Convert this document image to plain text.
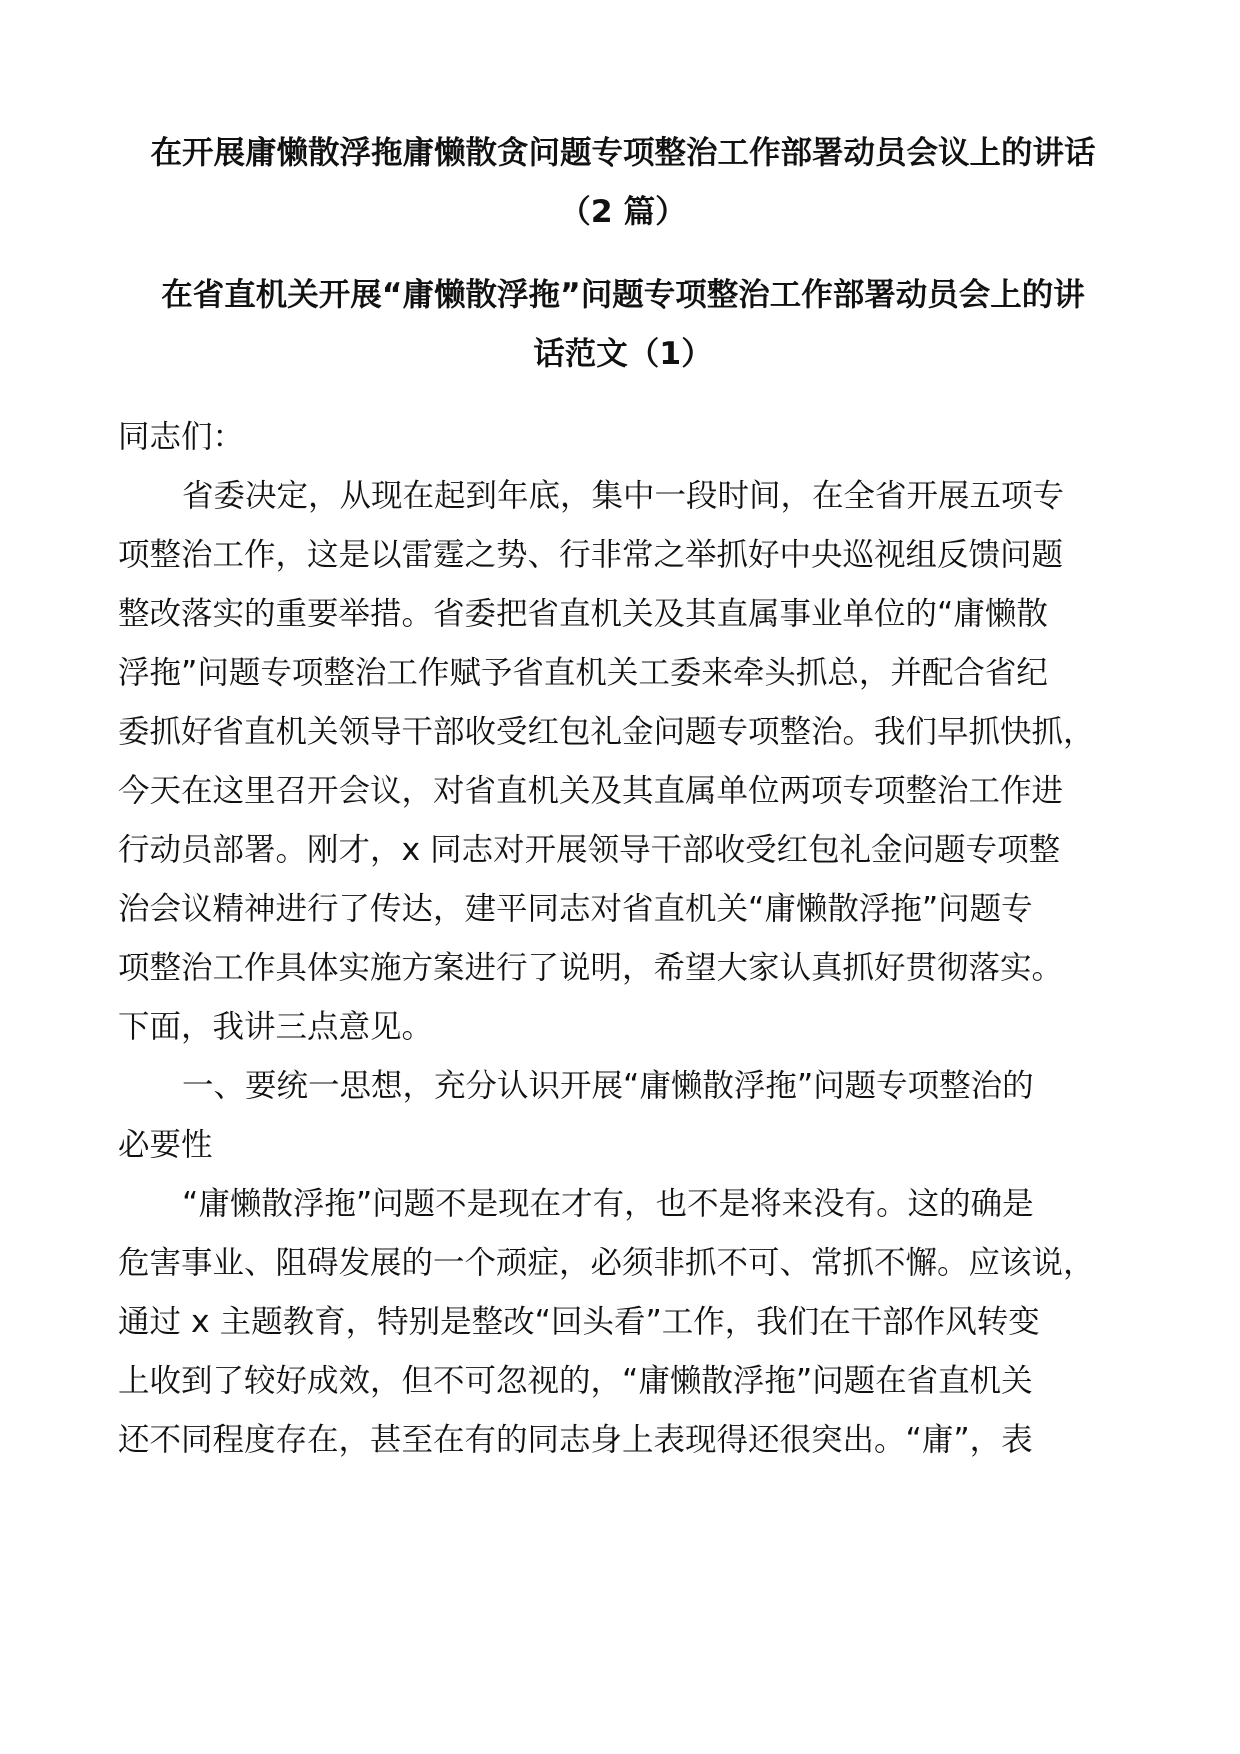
在开展庸懒散浮拖庸懒散贪问题专项整治工作部署动员会议上的讲话
（2 篇）
在省直机关开展“庸懒散浮拖”问题专项整治工作部署动员会上的讲
话范文（1）
同志们：
省委决定，从现在起到年底，集中一段时间，在全省开展五项专
项整治工作，这是以雷霆之势、行非常之举抓好中央巡视组反馈问题
整改落实的重要举措。省委把省直机关及其直属事业单位的“庸懒散
浮拖”问题专项整治工作赋予省直机关工委来牵头抓总，并配合省纪
委抓好省直机关领导干部收受红包礼金问题专项整治。我们早抓快抓，
今天在这里召开会议，对省直机关及其直属单位两项专项整治工作进
行动员部署。刚才，x 同志对开展领导干部收受红包礼金问题专项整
治会议精神进行了传达，建平同志对省直机关“庸懒散浮拖”问题专
项整治工作具体实施方案进行了说明，希望大家认真抓好贯彻落实。
下面，我讲三点意见。
一、要统一思想，充分认识开展“庸懒散浮拖”问题专项整治的
必要性
“庸懒散浮拖”问题不是现在才有，也不是将来没有。这的确是
危害事业、阻碍发展的一个顽症，必须非抓不可、常抓不懈。应该说，
通过 x 主题教育，特别是整改“回头看”工作，我们在干部作风转变
上收到了较好成效，但不可忽视的，“庸懒散浮拖”问题在省直机关
还不同程度存在，甚至在有的同志身上表现得还很突出。“庸”，表
